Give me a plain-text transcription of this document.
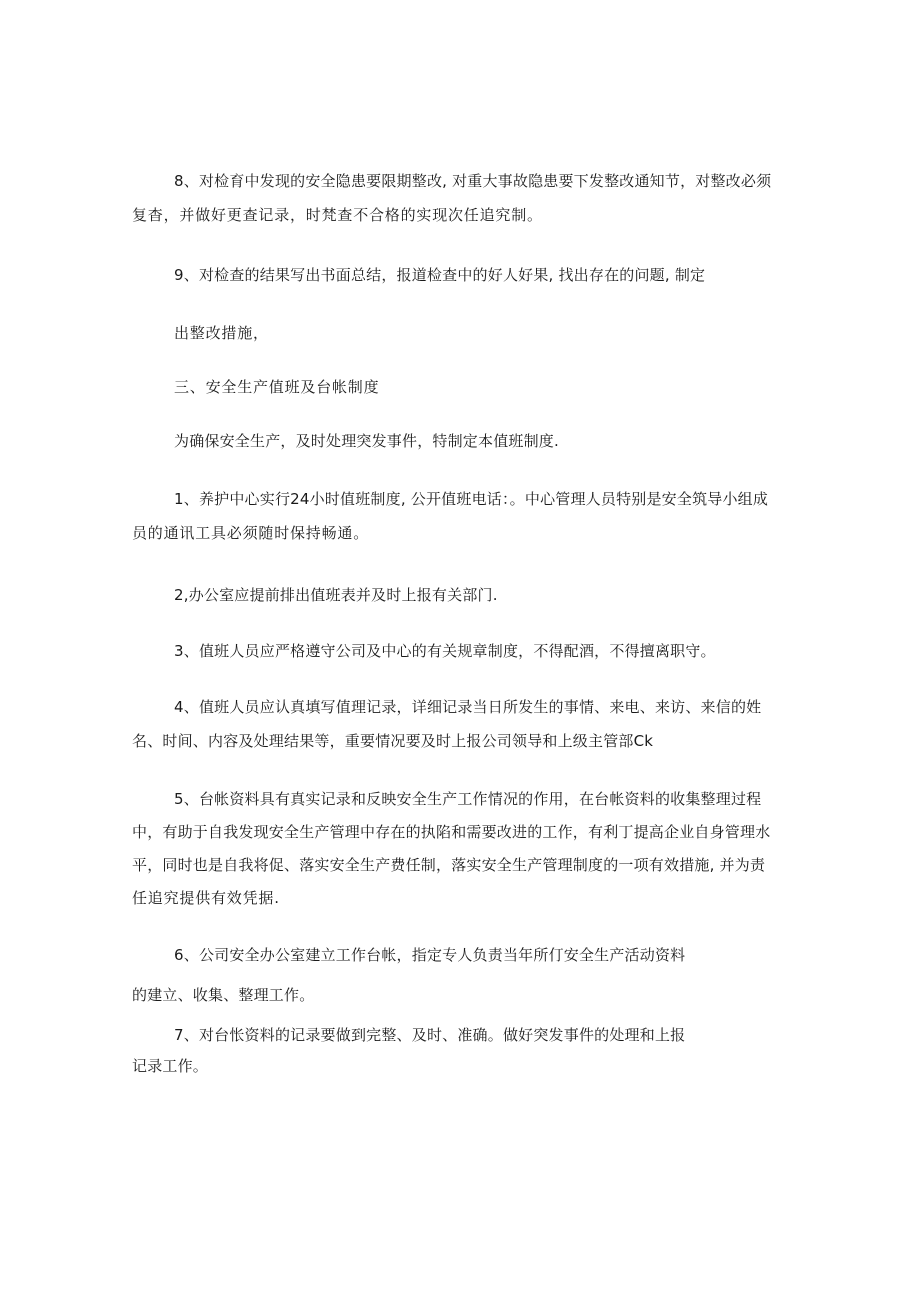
8、对检育中发现的安全隐患要限期整改, 对重大事故隐患要下发整改通知节，对整改必须
复杳，并做好更查记录，时梵查不合格的实现次任追究制。
9、对检查的结果写出书面总结，报道检查中的好人好果, 找出存在的问题, 制定
出整改措施，
三、安全生产值班及台帐制度
为确保安全生产，及时处理突发事件，特制定本值班制度.
1、养护中心实行24小时值班制度, 公开值班电话：。中心管理人员特别是安全筑导小组成
员的通讯工具必须随时保持畅通。
2,办公室应提前排出值班表并及时上报有关部门.
3、值班人员应严格遵守公司及中心的有关规章制度，不得配酒，不得擅离职守。
4、值班人员应认真填写值理记录，详细记录当日所发生的事情、来电、来访、来信的姓
名、时间、内容及处理结果等，重要情况要及时上报公司领导和上级主管部Ck
5、台帐资料具有真实记录和反映安全生产工作情况的作用，在台帐资料的收集整理过程
中，有助于自我发现安全生产管理中存在的执陷和需要改进的工作，有利丁提高企业自身管理水
平，同时也是自我将促、落实安全生产费任制，落实安全生产管理制度的一项有效措施, 并为责
任追究提供有效凭据.
6、公司安全办公室建立工作台帐，指定专人负责当年所仃安全生产活动资料
的建立、收集、整理工作。
7、对台怅资料的记录要做到完整、及时、准确。做好突发事件的处理和上报
记录工作。
